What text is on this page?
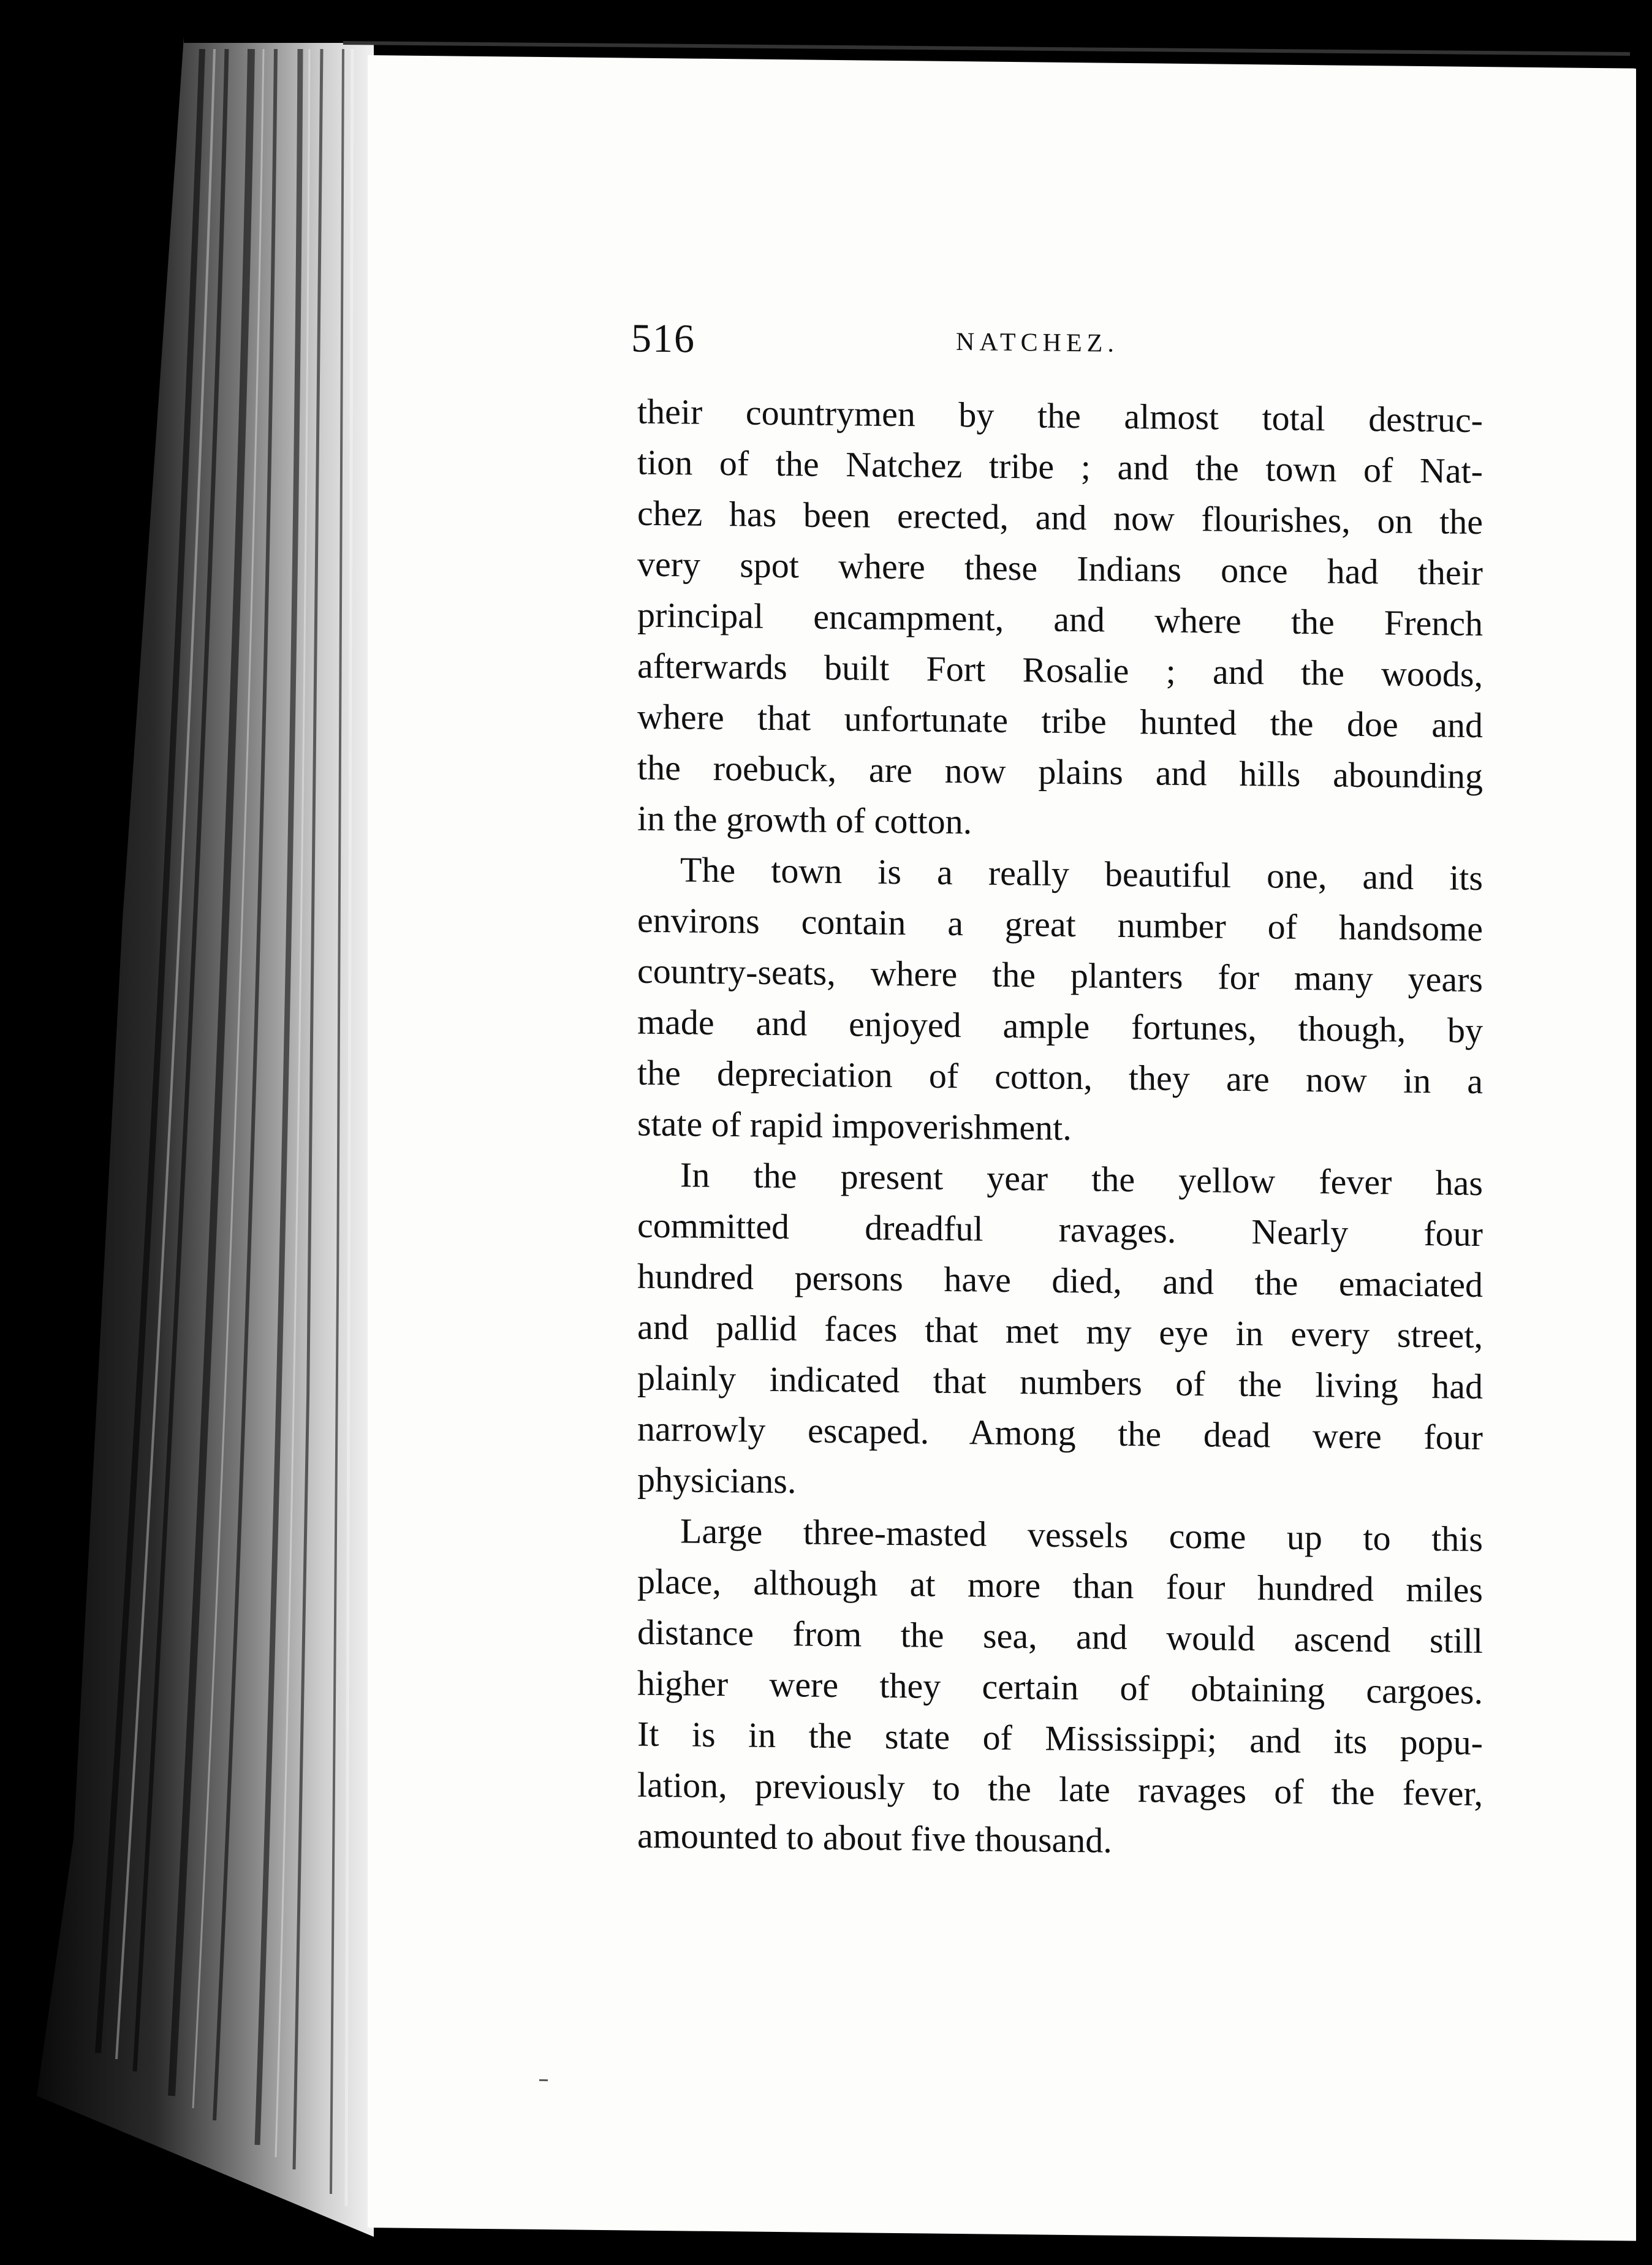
516	NATCHEZ.
their countrymen by the almost total destruc-
tion of the Natchez tribe ; and the town of Nat-
chez has been erected, and now flourishes, on the
very spot where these Indians once had their
principal encampment, and where the French
afterwards built Fort Rosalie ; and the woods,
where that unfortunate tribe hunted the doe and
the roebuck, are now plains and hills abounding
in the growth of cotton.
The town is a really beautiful one, and its
environs contain a great number of handsome
country-seats, where the planters for many years
made and enjoyed ample fortunes, though, by
the depreciation of cotton, they are now in a
state of rapid impoverishment.
In the present year the yellow fever has
committed dreadful ravages. Nearly four
hundred persons have died, and the emaciated
and pallid faces that met my eye in every street,
plainly indicated that numbers of the living had
narrowly escaped. Among the dead were four
physicians.
Large three-masted vessels come up to this
place, although at more than four hundred miles
distance from the sea, and would ascend still
higher were they certain of obtaining cargoes.
It is in the state of Mississippi; and its popu-
lation, previously to the late ravages of the fever,
amounted to about five thousand.
